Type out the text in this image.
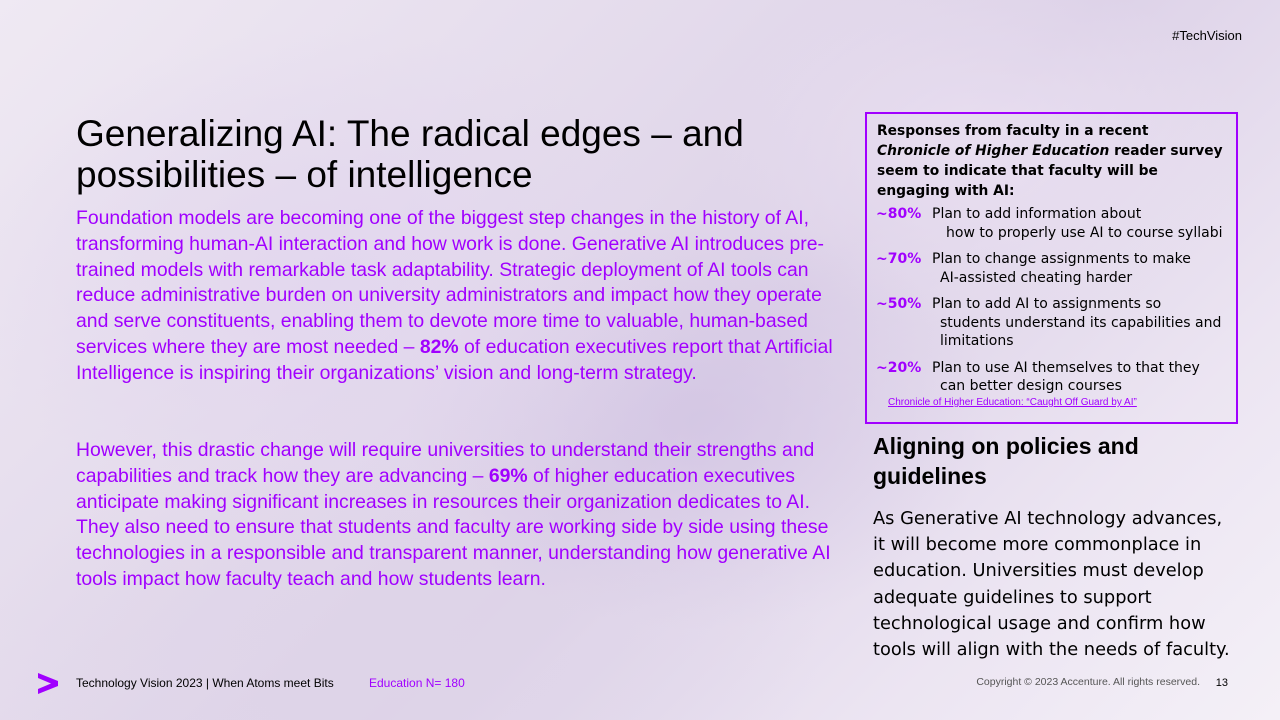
#TechVision
Generalizing AI: The radical edges – and
possibilities – of intelligence

Foundation models are becoming one of the biggest step changes in the history of AI, transforming human-AI interaction and how work is done. Generative AI introduces pre-trained models with remarkable task adaptability. Strategic deployment of AI tools can reduce administrative burden on university administrators and impact how they operate and serve constituents, enabling them to devote more time to valuable, human-based services where they are most needed – 82% of education executives report that Artificial Intelligence is inspiring their organizations’ vision and long-term strategy.

However, this drastic change will require universities to understand their strengths and capabilities and track how they are advancing – 69% of higher education executives anticipate making significant increases in resources their organization dedicates to AI. They also need to ensure that students and faculty are working side by side using these technologies in a responsible and transparent manner, understanding how generative AI tools impact how faculty teach and how students learn.

Responses from faculty in a recent Chronicle of Higher Education reader survey seem to indicate that faculty will be engaging with AI:
~80% Plan to add information about
how to properly use AI to course syllabi
~70% Plan to change assignments to make
AI-assisted cheating harder
~50% Plan to add AI to assignments so
students understand its capabilities and limitations
~20% Plan to use AI themselves to that they
can better design courses
Chronicle of Higher Education: “Caught Off Guard by AI”
Aligning on policies and guidelines

As Generative AI technology advances, it will become more commonplace in education. Universities must develop adequate guidelines to support technological usage and confirm how tools will align with the needs of faculty.

Technology Vision 2023 | When Atoms meet Bits	Education N= 180	Copyright © 2023 Accenture. All rights reserved. 13
